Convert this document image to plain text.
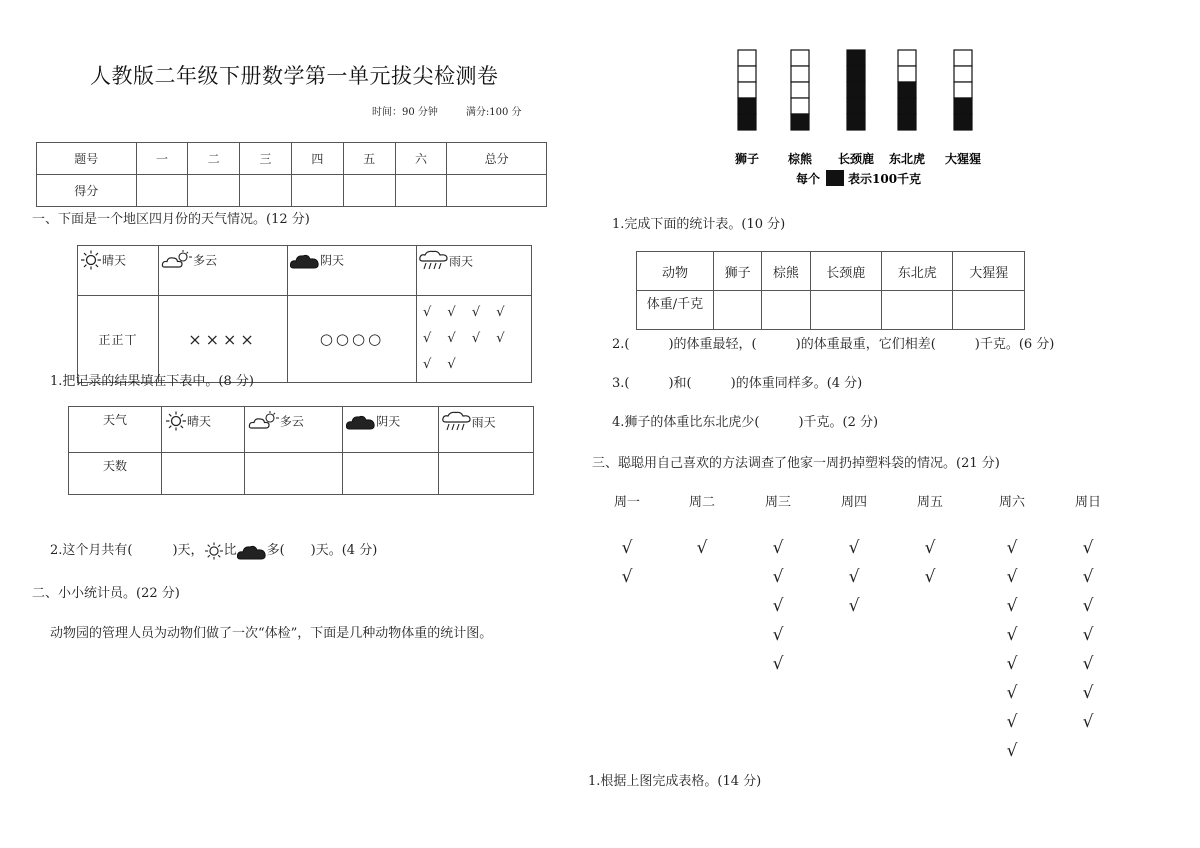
人教版二年级下册数学第一单元拔尖检测卷
时间：90 分钟	满分:100 分
题号	一	二	三	四	五	六	总分
得分							
一、下面是一个地区四月份的天气情况。(12 分)
晴天	多云	阴天	雨天
正正丅	××××	○○○○	√ √ √ √ √ √ √ √ √ √
1.把记录的结果填在下表中。(8 分)
天气	晴天	多云	阴天	雨天
天数				
2.这个月共有(	)天， 比 多( )天。(4 分)
二、小小统计员。(22 分)
动物园的管理人员为动物们做了一次“体检”，下面是几种动物体重的统计图。
狮子 棕熊 长颈鹿 东北虎 大猩猩
每个 表示100千克
1.完成下面的统计表。(10 分)
动物	狮子	棕熊	长颈鹿	东北虎	大猩猩
体重/千克					
2.(　　　)的体重最轻，(　　　)的体重最重，它们相差(　　　)千克。(6 分)
3.(　　　)和(　　　)的体重同样多。(4 分)
4.狮子的体重比东北虎少(　　　)千克。(2 分)
三、聪聪用自己喜欢的方法调查了他家一周扔掉塑料袋的情况。(21 分)
周一
√
√
周二
√
周三
√
√
√
√
√
周四
√
√
√
周五
√
√
周六
√
√
√
√
√
√
√
√
周日
√
√
√
√
√
√
√
1.根据上图完成表格。(14 分)
